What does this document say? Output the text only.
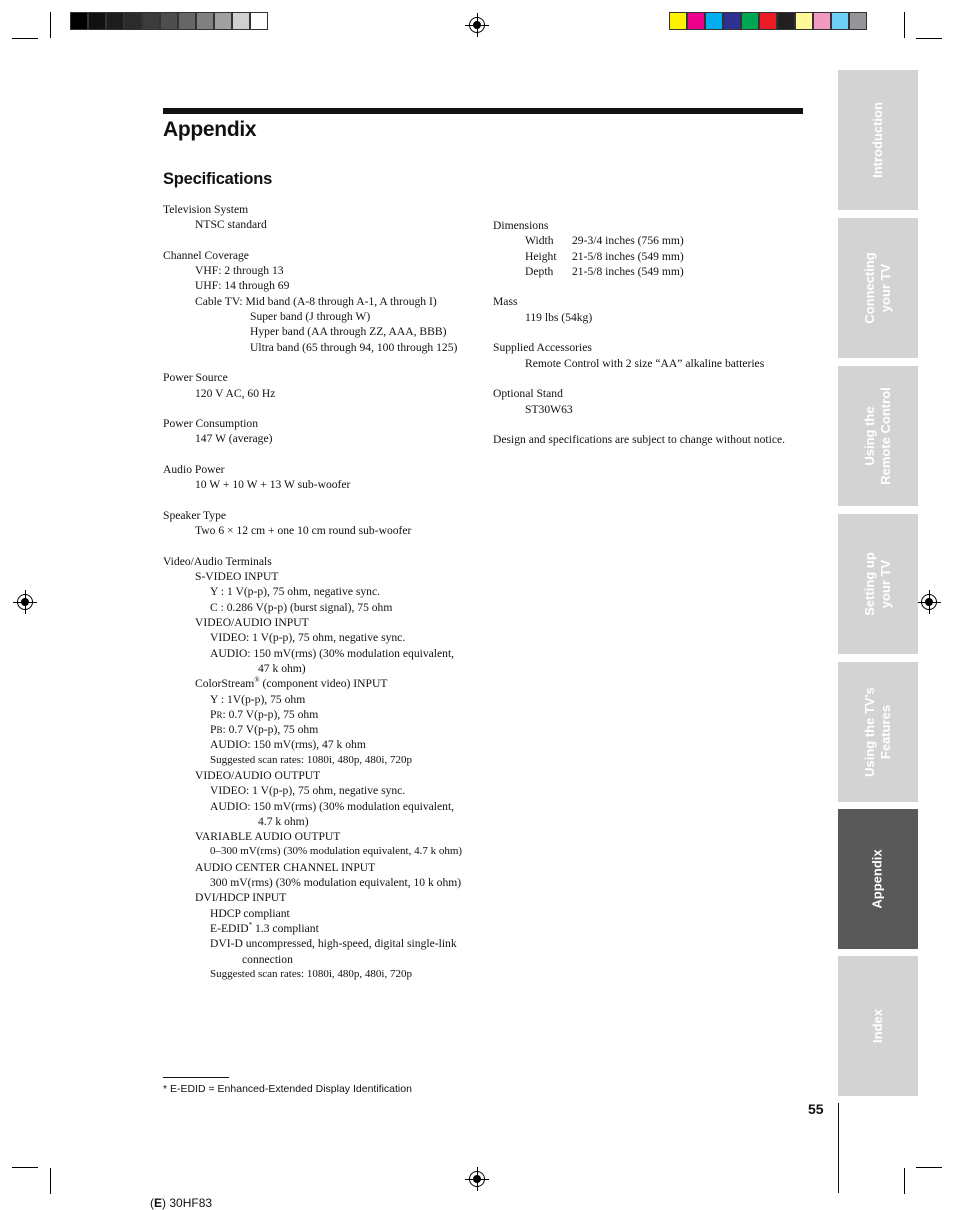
Appendix
Specifications
Television System
NTSC standard
Channel Coverage
VHF: 2 through 13
UHF: 14 through 69
Cable TV: Mid band (A-8 through A-1, A through I)
Super band (J through W)
Hyper band (AA through ZZ, AAA, BBB)
Ultra band (65 through 94, 100 through 125)
Power Source
120 V AC, 60 Hz
Power Consumption
147 W (average)
Audio Power
10 W + 10 W + 13 W sub-woofer
Speaker Type
Two 6 × 12 cm + one 10 cm round sub-woofer
Video/Audio Terminals
S-VIDEO INPUT
Y : 1 V(p-p), 75 ohm, negative sync.
C : 0.286 V(p-p) (burst signal), 75 ohm
VIDEO/AUDIO INPUT
VIDEO: 1 V(p-p), 75 ohm, negative sync.
AUDIO: 150 mV(rms) (30% modulation equivalent,
47 k ohm)
ColorStream® (component video) INPUT
Y : 1V(p-p), 75 ohm
PR: 0.7 V(p-p), 75 ohm
PB: 0.7 V(p-p), 75 ohm
AUDIO: 150 mV(rms), 47 k ohm
Suggested scan rates: 1080i, 480p, 480i, 720p
VIDEO/AUDIO OUTPUT
VIDEO: 1 V(p-p), 75 ohm, negative sync.
AUDIO: 150 mV(rms) (30% modulation equivalent,
4.7 k ohm)
VARIABLE AUDIO OUTPUT
0–300 mV(rms) (30% modulation equivalent, 4.7 k ohm)
AUDIO CENTER CHANNEL INPUT
300 mV(rms) (30% modulation equivalent, 10 k ohm)
DVI/HDCP INPUT
HDCP compliant
E-EDID* 1.3 compliant
DVI-D uncompressed, high-speed, digital single-link
connection
Suggested scan rates: 1080i, 480p, 480i, 720p
Dimensions
Width 29-3/4 inches (756 mm)
Height 21-5/8 inches (549 mm)
Depth 21-5/8 inches (549 mm)
Mass
119 lbs (54kg)
Supplied Accessories
Remote Control with 2 size “AA” alkaline batteries
Optional Stand
ST30W63
Design and specifications are subject to change without notice.
Introduction
Connecting
your TV
Using the
Remote Control
Setting up
your TV
Using the TV's
Features
Appendix
Index
* E-EDID = Enhanced-Extended Display Identification
55
(E) 30HF83
